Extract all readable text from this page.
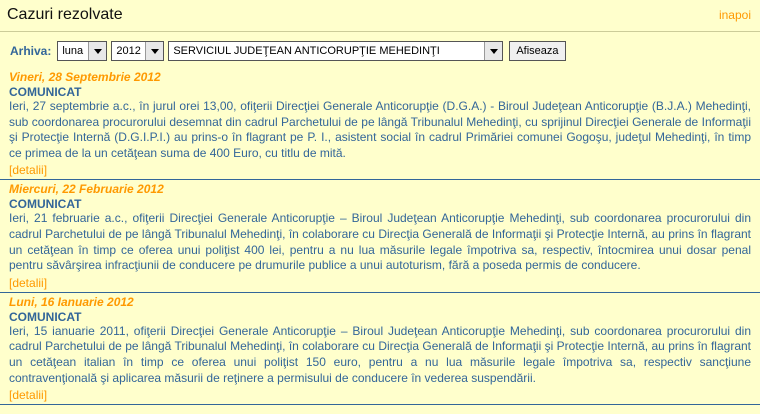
Cazuri rezolvate	inapoi
Arhiva:	luna	2012	SERVICIUL JUDEŢEAN ANTICORUPŢIE MEHEDINŢI	Afiseaza
Vineri, 28 Septembrie 2012
COMUNICAT
Ieri, 27 septembrie a.c., în jurul orei 13,00, ofiţerii Direcţiei Generale Anticorupţie (D.G.A.) - Biroul Judeţean Anticorupţie (B.J.A.) Mehedinţi, sub coordonarea procurorului desemnat din cadrul Parchetului de pe lângă Tribunalul Mehedinţi, cu sprijinul Direcţiei Generale de Informaţii şi Protecţie Internă (D.G.I.P.I.) au prins-o în flagrant pe P. I., asistent social în cadrul Primăriei comunei Gogoşu, judeţul Mehedinţi, în timp ce primea de la un cetăţean suma de 400 Euro, cu titlu de mită.
[detalii]
Miercuri, 22 Februarie 2012
COMUNICAT
Ieri, 21 februarie a.c., ofiţerii Direcţiei Generale Anticorupţie – Biroul Judeţean Anticorupţie Mehedinţi, sub coordonarea procurorului din cadrul Parchetului de pe lângă Tribunalul Mehedinţi, în colaborare cu Direcţia Generală de Informaţii şi Protecţie Internă, au prins în flagrant un cetăţean în timp ce oferea unui poliţist 400 lei, pentru a nu lua măsurile legale împotriva sa, respectiv, întocmirea unui dosar penal pentru săvârşirea infracţiunii de conducere pe drumurile publice a unui autoturism, fără a poseda permis de conducere.
[detalii]
Luni, 16 Ianuarie 2012
COMUNICAT
Ieri, 15 ianuarie 2011, ofiţerii Direcţiei Generale Anticorupţie – Biroul Judeţean Anticorupţie Mehedinţi, sub coordonarea procurorului din cadrul Parchetului de pe lângă Tribunalul Mehedinţi, în colaborare cu Direcţia Generală de Informaţii şi Protecţie Internă, au prins în flagrant un cetăţean italian în timp ce oferea unui poliţist 150 euro, pentru a nu lua măsurile legale împotriva sa, respectiv sancţiune contravenţională şi aplicarea măsurii de reţinere a permisului de conducere în vederea suspendării.
[detalii]
